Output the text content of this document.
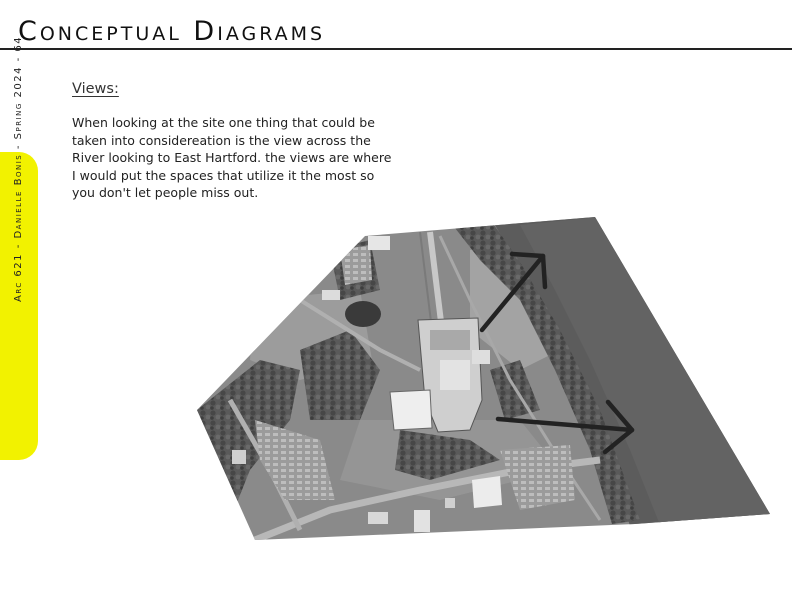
Conceptual Diagrams
Arc 621 - Danielle Bonis - Spring 2024 - 64	Views:
When looking at the site one thing that could be taken into considereation is the view across the River looking to East Hartford. the views are where I would put the spaces that utilize it the most so you don't let people miss out.
